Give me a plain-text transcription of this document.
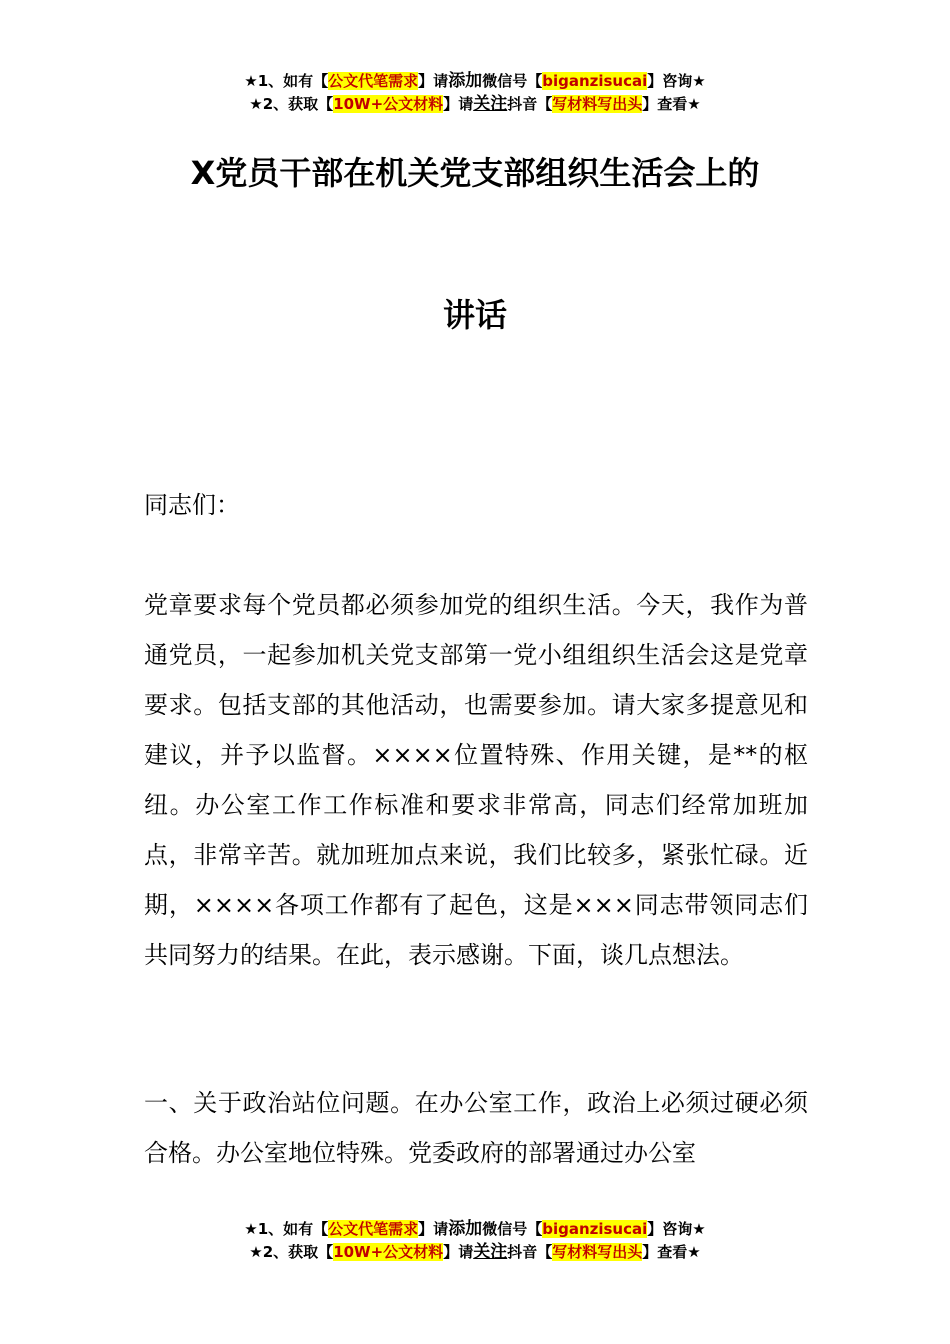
★1、如有【公文代笔需求】请添加微信号【biganzisucai】咨询★
★2、获取【10W+公文材料】请关注抖音【写材料写出头】查看★
X党员干部在机关党支部组织生活会上的
讲话
同志们：
党章要求每个党员都必须参加党的组织生活。今天，我作为普通党员，一起参加机关党支部第一党小组组织生活会这是党章要求。包括支部的其他活动，也需要参加。请大家多提意见和建议，并予以监督。××××位置特殊、作用关键，是**的枢纽。办公室工作工作标准和要求非常高，同志们经常加班加点，非常辛苦。就加班加点来说，我们比较多，紧张忙碌。近期，××××各项工作都有了起色，这是×××同志带领同志们共同努力的结果。在此，表示感谢。下面，谈几点想法。
一、关于政治站位问题。在办公室工作，政治上必须过硬必须合格。办公室地位特殊。党委政府的部署通过办公室
★1、如有【公文代笔需求】请添加微信号【biganzisucai】咨询★
★2、获取【10W+公文材料】请关注抖音【写材料写出头】查看★
